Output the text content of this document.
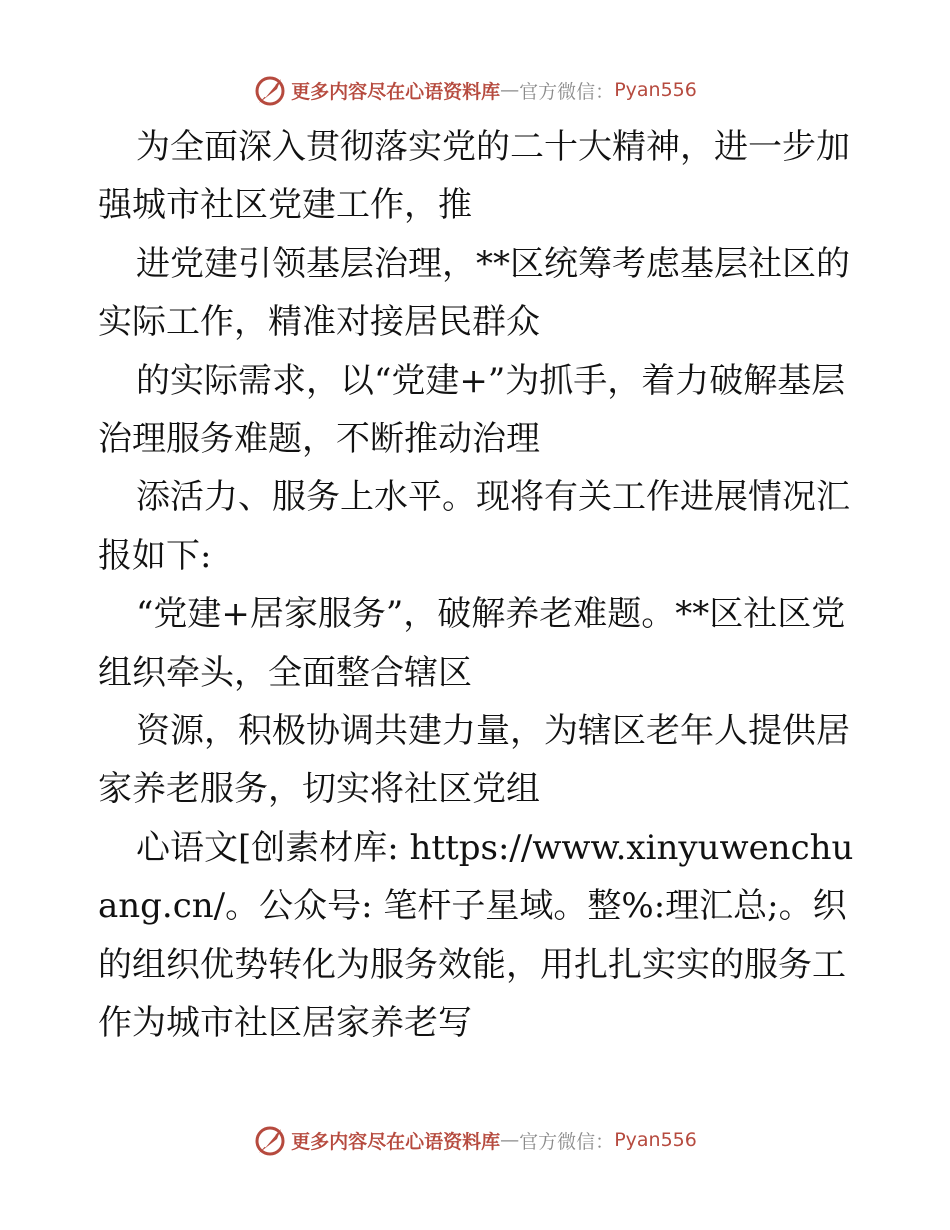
更多内容尽在 心语资料库 — 官方微信： Pyan556

为全面深入贯彻落实党的二十大精神，进一步加强城市社区党建工作，推

进党建引领基层治理，**区统筹考虑基层社区的实际工作，精准对接居民群众

的实际需求，以“党建+”为抓手，着力破解基层治理服务难题，不断推动治理

添活力、服务上水平。现将有关工作进展情况汇报如下:

“党建+居家服务”，破解养老难题。**区社区党组织牵头，全面整合辖区

资源，积极协调共建力量，为辖区老年人提供居家养老服务，切实将社区党组

心语文[创素材库: https://www.xinyuwenchuang.cn/。公众号: 笔杆子星域。整%:理汇总;。织的组织优势转化为服务效能，用扎扎实实的服务工作为城市社区居家养老写

更多内容尽在 心语资料库 — 官方微信： Pyan556
